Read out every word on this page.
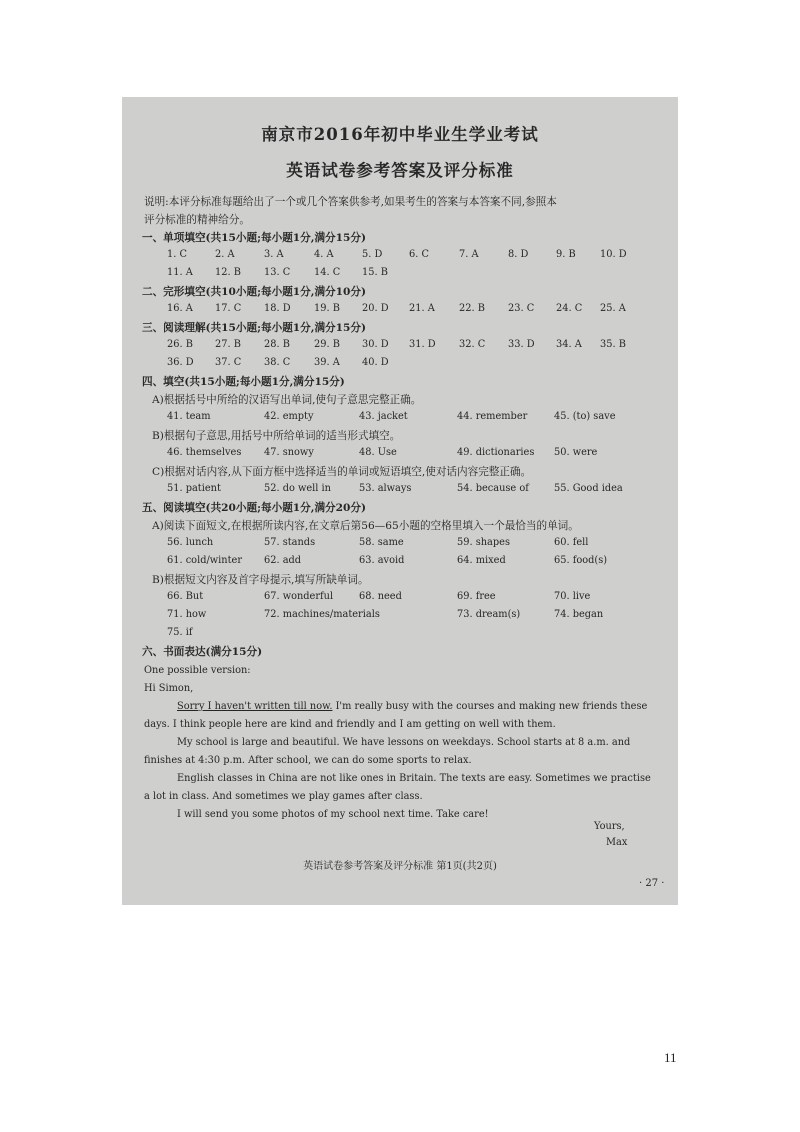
南京市2016年初中毕业生学业考试
英语试卷参考答案及评分标准
说明:本评分标准每题给出了一个或几个答案供参考,如果考生的答案与本答案不同,参照本
评分标准的精神给分。
一、单项填空(共15小题;每小题1分,满分15分)
1. C	2. A	3. A	4. A	5. D	6. C	7. A	8. D	9. B 10. D
11. A 12. B 13. C 14. C 15. B
二、完形填空(共10小题;每小题1分,满分10分)
16. A 17. C 18. D 19. B 20. D 21. A 22. B 23. C 24. C 25. A
三、阅读理解(共15小题;每小题1分,满分15分)
26. B 27. B 28. B 29. B 30. D 31. D 32. C 33. D 34. A 35. B
36. D 37. C 38. C 39. A 40. D
四、填空(共15小题;每小题1分,满分15分)
A)根据括号中所给的汉语写出单词,使句子意思完整正确。
41. team	42. empty	43. jacket	44. remember	45. (to) save
B)根据句子意思,用括号中所给单词的适当形式填空。
46. themselves 47. snowy	48. Use	49. dictionaries 50. were
C)根据对话内容,从下面方框中选择适当的单词或短语填空,使对话内容完整正确。
51. patient	52. do well in	53. always	54. because of	55. Good idea
五、阅读填空(共20小题;每小题1分,满分20分)
A)阅读下面短文,在根据所读内容,在文章后第56—65小题的空格里填入一个最恰当的单词。
56. lunch	57. stands	58. same	59. shapes	60. fell
61. cold/winter 62. add	63. avoid	64. mixed	65. food(s)
B)根据短文内容及首字母提示,填写所缺单词。
66. But	67. wonderful	68. need	69. free	70. live
71. how	72. machines/materials	73. dream(s)	74. began
75. if
六、书面表达(满分15分)
One possible version:
Hi Simon,
Sorry I haven't written till now. I'm really busy with the courses and making new friends these
days. I think people here are kind and friendly and I am getting on well with them.
My school is large and beautiful. We have lessons on weekdays. School starts at 8 a.m. and
finishes at 4:30 p.m. After school, we can do some sports to relax.
English classes in China are not like ones in Britain. The texts are easy. Sometimes we practise
a lot in class. And sometimes we play games after class.
I will send you some photos of my school next time. Take care!
Yours,
Max
英语试卷参考答案及评分标准 第1页(共2页)
· 27 ·
11
